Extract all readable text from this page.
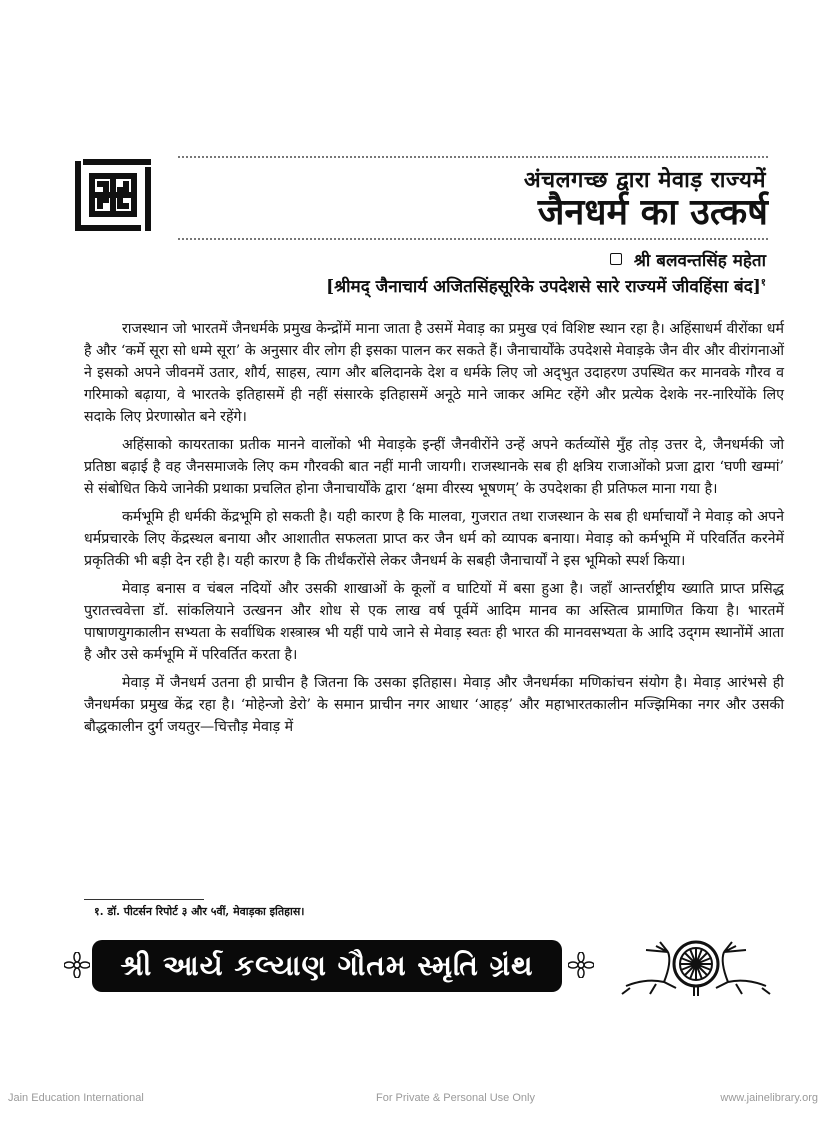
अंचलगच्छ द्वारा मेवाड़ राज्यमें
जैनधर्म का उत्कर्ष
श्री बलवन्तसिंह महेता
[श्रीमद् जैनाचार्य अजितसिंहसूरिके उपदेशसे सारे राज्यमें जीवहिंसा बंद]$^१$

राजस्थान जो भारतमें जैनधर्मके प्रमुख केन्द्रोंमें माना जाता है उसमें मेवाड़ का प्रमुख एवं विशिष्ट स्थान रहा है। अहिंसाधर्म वीरोंका धर्म है और ‘कर्मे सूरा सो धम्मे सूरा’ के अनुसार वीर लोग ही इसका पालन कर सकते हैं। जैनाचार्योंके उपदेशसे मेवाड़के जैन वीर और वीरांगनाओं ने इसको अपने जीवनमें उतार, शौर्य, साहस, त्याग और बलिदानके देश व धर्मके लिए जो अद्‌भुत उदाहरण उपस्थित कर मानवके गौरव व गरिमाको बढ़ाया, वे भारतके इतिहासमें ही नहीं संसारके इतिहासमें अनूठे माने जाकर अमिट रहेंगे और प्रत्येक देशके नर-नारियोंके लिए सदाके लिए प्रेरणास्रोत बने रहेंगे।

अहिंसाको कायरताका प्रतीक मानने वालोंको भी मेवाड़के इन्हीं जैनवीरोंने उन्हें अपने कर्तव्योंसे मुँह तोड़ उत्तर दे, जैनधर्मकी जो प्रतिष्ठा बढ़ाई है वह जैनसमाजके लिए कम गौरवकी बात नहीं मानी जायगी। राजस्थानके सब ही क्षत्रिय राजाओंको प्रजा द्वारा ‘घणी खम्मां’ से संबोधित किये जानेकी प्रथाका प्रचलित होना जैनाचार्योंके द्वारा ‘क्षमा वीरस्य भूषणम्’ के उपदेशका ही प्रतिफल माना गया है।

कर्मभूमि ही धर्मकी केंद्रभूमि हो सकती है। यही कारण है कि मालवा, गुजरात तथा राजस्थान के सब ही धर्माचार्यों ने मेवाड़ को अपने धर्मप्रचारके लिए केंद्रस्थल बनाया और आशातीत सफलता प्राप्त कर जैन धर्म को व्यापक बनाया। मेवाड़ को कर्मभूमि में परिवर्तित करनेमें प्रकृतिकी भी बड़ी देन रही है। यही कारण है कि तीर्थंकरोंसे लेकर जैनधर्म के सबही जैनाचार्यों ने इस भूमिको स्पर्श किया।

मेवाड़ बनास व चंबल नदियों और उसकी शाखाओं के कूलों व घाटियों में बसा हुआ है। जहाँ आन्तर्राष्ट्रीय ख्याति प्राप्त प्रसिद्ध पुरातत्त्ववेत्ता डॉ. सांकलियाने उत्खनन और शोध से एक लाख वर्ष पूर्वमें आदिम मानव का अस्तित्व प्रामाणित किया है। भारतमें पाषाणयुगकालीन सभ्यता के सर्वाधिक शस्त्रास्त्र भी यहीं पाये जाने से मेवाड़ स्वतः ही भारत की मानवसभ्यता के आदि उद्‌गम स्थानोंमें आता है और उसे कर्मभूमि में परिवर्तित करता है।

मेवाड़ में जैनधर्म उतना ही प्राचीन है जितना कि उसका इतिहास। मेवाड़ और जैनधर्मका मणिकांचन संयोग है। मेवाड़ आरंभसे ही जैनधर्मका प्रमुख केंद्र रहा है। ‘मोहेन्जो डेरो’ के समान प्राचीन नगर आधार ‘आहड़’ और महाभारतकालीन मज्झिमिका नगर और उसकी बौद्धकालीन दुर्ग जयतुर—चित्तौड़ मेवाड़ में

१. डॉ. पीटर्सन रिपोर्ट ३ और ५वीं, मेवाड़का इतिहास।
શ્રી આર્ય કલ્યાણ ગૌતમ સ્મૃતિ ગ્રંથ
Jain Education International	For Private & Personal Use Only	www.jainelibrary.org
